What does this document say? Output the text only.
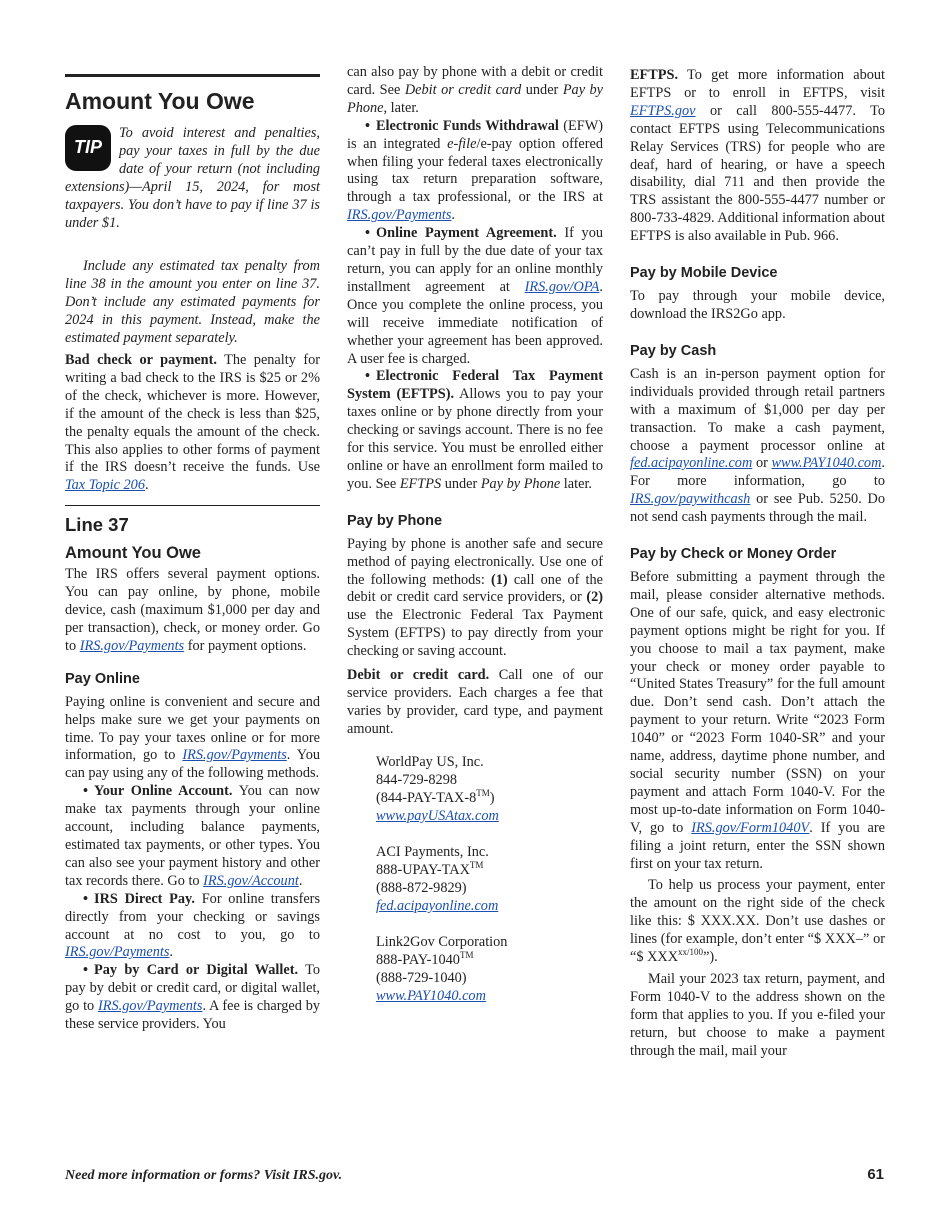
Amount You Owe
TIP

To avoid interest and penalties, pay your taxes in full by the due date of your return (not including extensions)—April 15, 2024, for most taxpayers. You don’t have to pay if line 37 is under $1.

Include any estimated tax penalty from line 38 in the amount you enter on line 37. Don’t include any estimated payments for 2024 in this payment. Instead, make the estimated payment separately.

Bad check or payment. The penalty for writing a bad check to the IRS is $25 or 2% of the check, whichever is more. However, if the amount of the check is less than $25, the penalty equals the amount of the check. This also applies to other forms of payment if the IRS doesn’t receive the funds. Use Tax Topic 206.

Line 37
Amount You Owe

The IRS offers several payment options. You can pay online, by phone, mobile device, cash (maximum $1,000 per day and per transaction), check, or money order. Go to IRS.gov/Payments for payment options.

Pay Online

Paying online is convenient and secure and helps make sure we get your payments on time. To pay your taxes online or for more information, go to IRS.gov/Payments. You can pay using any of the following methods.

• Your Online Account. You can now make tax payments through your online account, including balance payments, estimated tax payments, or other types. You can also see your payment history and other tax records there. Go to IRS.gov/Account.

• IRS Direct Pay. For online transfers directly from your checking or savings account at no cost to you, go to IRS.gov/Payments.

• Pay by Card or Digital Wallet. To pay by debit or credit card, or digital wallet, go to IRS.gov/Payments. A fee is charged by these service providers. You

can also pay by phone with a debit or credit card. See Debit or credit card under Pay by Phone, later.

• Electronic Funds Withdrawal (EFW) is an integrated e-file/e-pay option offered when filing your federal taxes electronically using tax return preparation software, through a tax professional, or the IRS at IRS.gov/Payments.

• Online Payment Agreement. If you can’t pay in full by the due date of your tax return, you can apply for an online monthly installment agreement at IRS.gov/OPA. Once you complete the online process, you will receive immediate notification of whether your agreement has been approved. A user fee is charged.

• Electronic Federal Tax Payment System (EFTPS). Allows you to pay your taxes online or by phone directly from your checking or savings account. There is no fee for this service. You must be enrolled either online or have an enrollment form mailed to you. See EFTPS under Pay by Phone later.

Pay by Phone

Paying by phone is another safe and secure method of paying electronically. Use one of the following methods: (1) call one of the debit or credit card service providers, or (2) use the Electronic Federal Tax Payment System (EFTPS) to pay directly from your checking or saving account.

Debit or credit card. Call one of our service providers. Each charges a fee that varies by provider, card type, and payment amount.

WorldPay US, Inc.
844-729-8298
(844-PAY-TAX-8™)
www.payUSAtax.com
ACI Payments, Inc.
888-UPAY-TAX™
(888-872-9829)
fed.acipayonline.com
Link2Gov Corporation
888-PAY-1040™
(888-729-1040)
www.PAY1040.com

EFTPS. To get more information about EFTPS or to enroll in EFTPS, visit EFTPS.gov or call 800-555-4477. To contact EFTPS using Telecommunications Relay Services (TRS) for people who are deaf, hard of hearing, or have a speech disability, dial 711 and then provide the TRS assistant the 800-555-4477 number or 800-733-4829. Additional information about EFTPS is also available in Pub. 966.

Pay by Mobile Device

To pay through your mobile device, download the IRS2Go app.

Pay by Cash

Cash is an in-person payment option for individuals provided through retail partners with a maximum of $1,000 per day per transaction. To make a cash payment, choose a payment processor online at fed.acipayonline.com or www.PAY1040.com. For more information, go to IRS.gov/paywithcash or see Pub. 5250. Do not send cash payments through the mail.

Pay by Check or Money Order

Before submitting a payment through the mail, please consider alternative methods. One of our safe, quick, and easy electronic payment options might be right for you. If you choose to mail a tax payment, make your check or money order payable to “United States Treasury” for the full amount due. Don’t send cash. Don’t attach the payment to your return. Write “2023 Form 1040” or “2023 Form 1040-SR” and your name, address, daytime phone number, and social security number (SSN) on your payment and attach Form 1040-V. For the most up-to-date information on Form 1040-V, go to IRS.gov/Form1040V. If you are filing a joint return, enter the SSN shown first on your tax return.

To help us process your payment, enter the amount on the right side of the check like this: $ XXX.XX. Don’t use dashes or lines (for example, don’t enter “$ XXX–” or “$ $XXX^{xx/100}$”).

Mail your 2023 tax return, payment, and Form 1040-V to the address shown on the form that applies to you. If you e-filed your return, but choose to make a payment through the mail, mail your

Need more information or forms? Visit IRS.gov.	61
